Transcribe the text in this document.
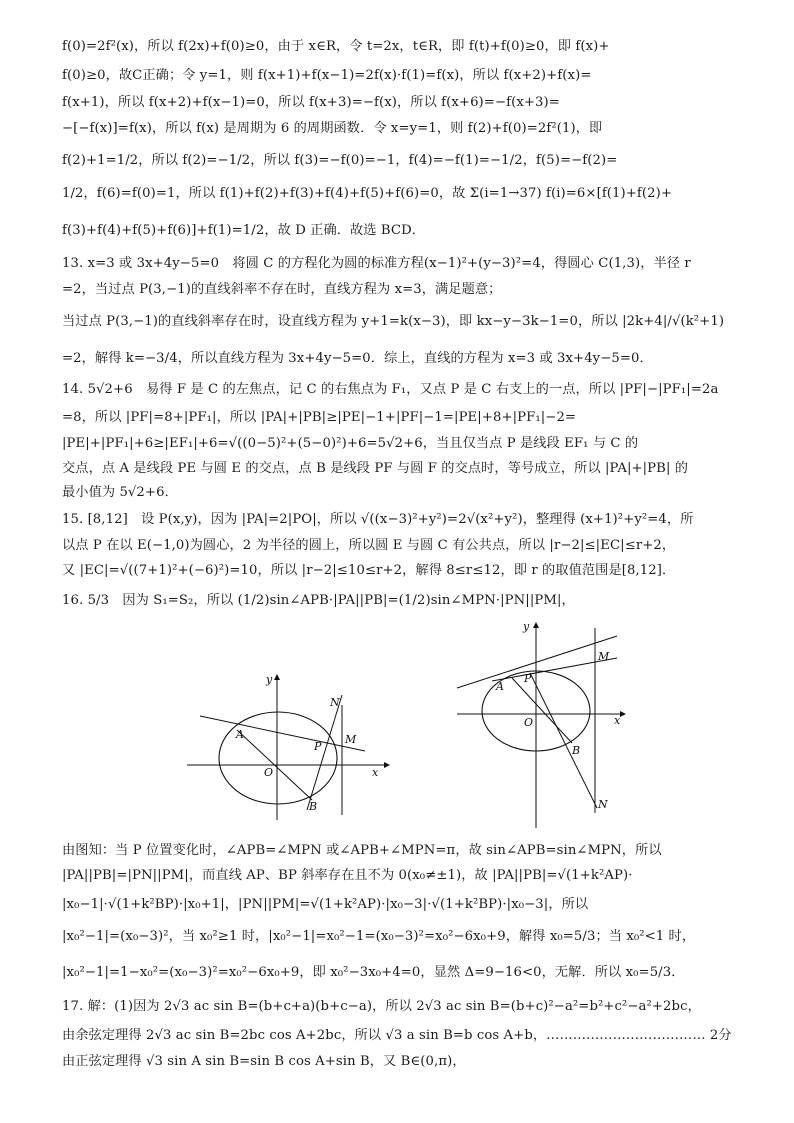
f(0)=2f²(x)，所以 f(2x)+f(0)≥0，由于 x∈R，令 t=2x，t∈R，即 f(t)+f(0)≥0，即 f(x)+
f(0)≥0，故C正确；令 y=1，则 f(x+1)+f(x−1)=2f(x)·f(1)=f(x)，所以 f(x+2)+f(x)=
f(x+1)，所以 f(x+2)+f(x−1)=0，所以 f(x+3)=−f(x)，所以 f(x+6)=−f(x+3)=
−[−f(x)]=f(x)，所以 f(x) 是周期为 6 的周期函数．令 x=y=1，则 f(2)+f(0)=2f²(1)，即
f(2)+1=1/2，所以 f(2)=−1/2，所以 f(3)=−f(0)=−1，f(4)=−f(1)=−1/2，f(5)=−f(2)=
1/2，f(6)=f(0)=1，所以 f(1)+f(2)+f(3)+f(4)+f(5)+f(6)=0，故 Σ(i=1→37) f(i)=6×[f(1)+f(2)+
f(3)+f(4)+f(5)+f(6)]+f(1)=1/2，故 D 正确．故选 BCD．
13. x=3 或 3x+4y−5=0　将圆 C 的方程化为圆的标准方程(x−1)²+(y−3)²=4，得圆心 C(1,3)，半径 r
=2，当过点 P(3,−1)的直线斜率不存在时，直线方程为 x=3，满足题意；
当过点 P(3,−1)的直线斜率存在时，设直线方程为 y+1=k(x−3)，即 kx−y−3k−1=0，所以 |2k+4|/√(k²+1)
=2，解得 k=−3/4，所以直线方程为 3x+4y−5=0．综上，直线的方程为 x=3 或 3x+4y−5=0．
14. 5√2+6　易得 F 是 C 的左焦点，记 C 的右焦点为 F₁，又点 P 是 C 右支上的一点，所以 |PF|−|PF₁|=2a
=8，所以 |PF|=8+|PF₁|，所以 |PA|+|PB|≥|PE|−1+|PF|−1=|PE|+8+|PF₁|−2=
|PE|+|PF₁|+6≥|EF₁|+6=√((0−5)²+(5−0)²)+6=5√2+6，当且仅当点 P 是线段 EF₁ 与 C 的
交点，点 A 是线段 PE 与圆 E 的交点，点 B 是线段 PF 与圆 F 的交点时，等号成立，所以 |PA|+|PB| 的
最小值为 5√2+6．
15. [8,12]　设 P(x,y)，因为 |PA|=2|PO|，所以 √((x−3)²+y²)=2√(x²+y²)，整理得 (x+1)²+y²=4，所
以点 P 在以 E(−1,0)为圆心，2 为半径的圆上，所以圆 E 与圆 C 有公共点，所以 |r−2|≤|EC|≤r+2，
又 |EC|=√((7+1)²+(−6)²)=10，所以 |r−2|≤10≤r+2，解得 8≤r≤12，即 r 的取值范围是[8,12]．
16. 5/3　因为 S₁=S₂，所以 (1/2)sin∠APB·|PA||PB|=(1/2)sin∠MPN·|PN||PM|，
y
x
O
A
P
M
N
B
y
x
O
A
P
M
N
B
由图知：当 P 位置变化时，∠APB=∠MPN 或∠APB+∠MPN=π，故 sin∠APB=sin∠MPN，所以
|PA||PB|=|PN||PM|，而直线 AP、BP 斜率存在且不为 0(x₀≠±1)，故 |PA||PB|=√(1+k²AP)·
|x₀−1|·√(1+k²BP)·|x₀+1|，|PN||PM|=√(1+k²AP)·|x₀−3|·√(1+k²BP)·|x₀−3|，所以
|x₀²−1|=(x₀−3)²，当 x₀²≥1 时，|x₀²−1|=x₀²−1=(x₀−3)²=x₀²−6x₀+9，解得 x₀=5/3；当 x₀²<1 时，
|x₀²−1|=1−x₀²=(x₀−3)²=x₀²−6x₀+9，即 x₀²−3x₀+4=0，显然 Δ=9−16<0，无解．所以 x₀=5/3．
17. 解：(1)因为 2√3 ac sin B=(b+c+a)(b+c−a)，所以 2√3 ac sin B=(b+c)²−a²=b²+c²−a²+2bc，
由余弦定理得 2√3 ac sin B=2bc cos A+2bc，所以 √3 a sin B=b cos A+b，……………………………… 2分
由正弦定理得 √3 sin A sin B=sin B cos A+sin B，又 B∈(0,π)，
